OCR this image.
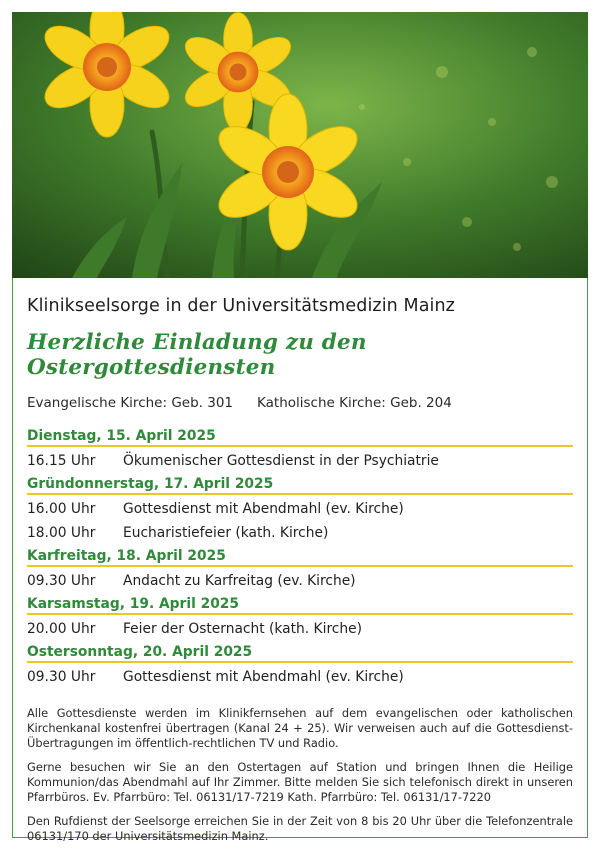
Klinikseelsorge in der Universitätsmedizin Mainz

Herzliche Einladung zu den Ostergottesdiensten

Evangelische Kirche: Geb. 301 Katholische Kirche: Geb. 204

Dienstag, 15. April 2025
16.15 Uhr	Ökumenischer Gottesdienst in der Psychiatrie
Gründonnerstag, 17. April 2025
16.00 Uhr	Gottesdienst mit Abendmahl (ev. Kirche)
18.00 Uhr	Eucharistiefeier (kath. Kirche)
Karfreitag, 18. April 2025
09.30 Uhr	Andacht zu Karfreitag (ev. Kirche)
Karsamstag, 19. April 2025
20.00 Uhr	Feier der Osternacht (kath. Kirche)
Ostersonntag, 20. April 2025
09.30 Uhr	Gottesdienst mit Abendmahl (ev. Kirche)

Alle Gottesdienste werden im Klinikfernsehen auf dem evangelischen oder katholischen Kirchenkanal kostenfrei übertragen (Kanal 24 + 25). Wir verweisen auch auf die Gottesdienst-Übertragungen im öffentlich-rechtlichen TV und Radio.

Gerne besuchen wir Sie an den Ostertagen auf Station und bringen Ihnen die Heilige Kommunion/das Abendmahl auf Ihr Zimmer. Bitte melden Sie sich telefonisch direkt in unseren Pfarrbüros. Ev. Pfarrbüro: Tel. 06131/17-7219 Kath. Pfarrbüro: Tel. 06131/17-7220

Den Rufdienst der Seelsorge erreichen Sie in der Zeit von 8 bis 20 Uhr über die Telefonzentrale 06131/170 der Universitätsmedizin Mainz.
